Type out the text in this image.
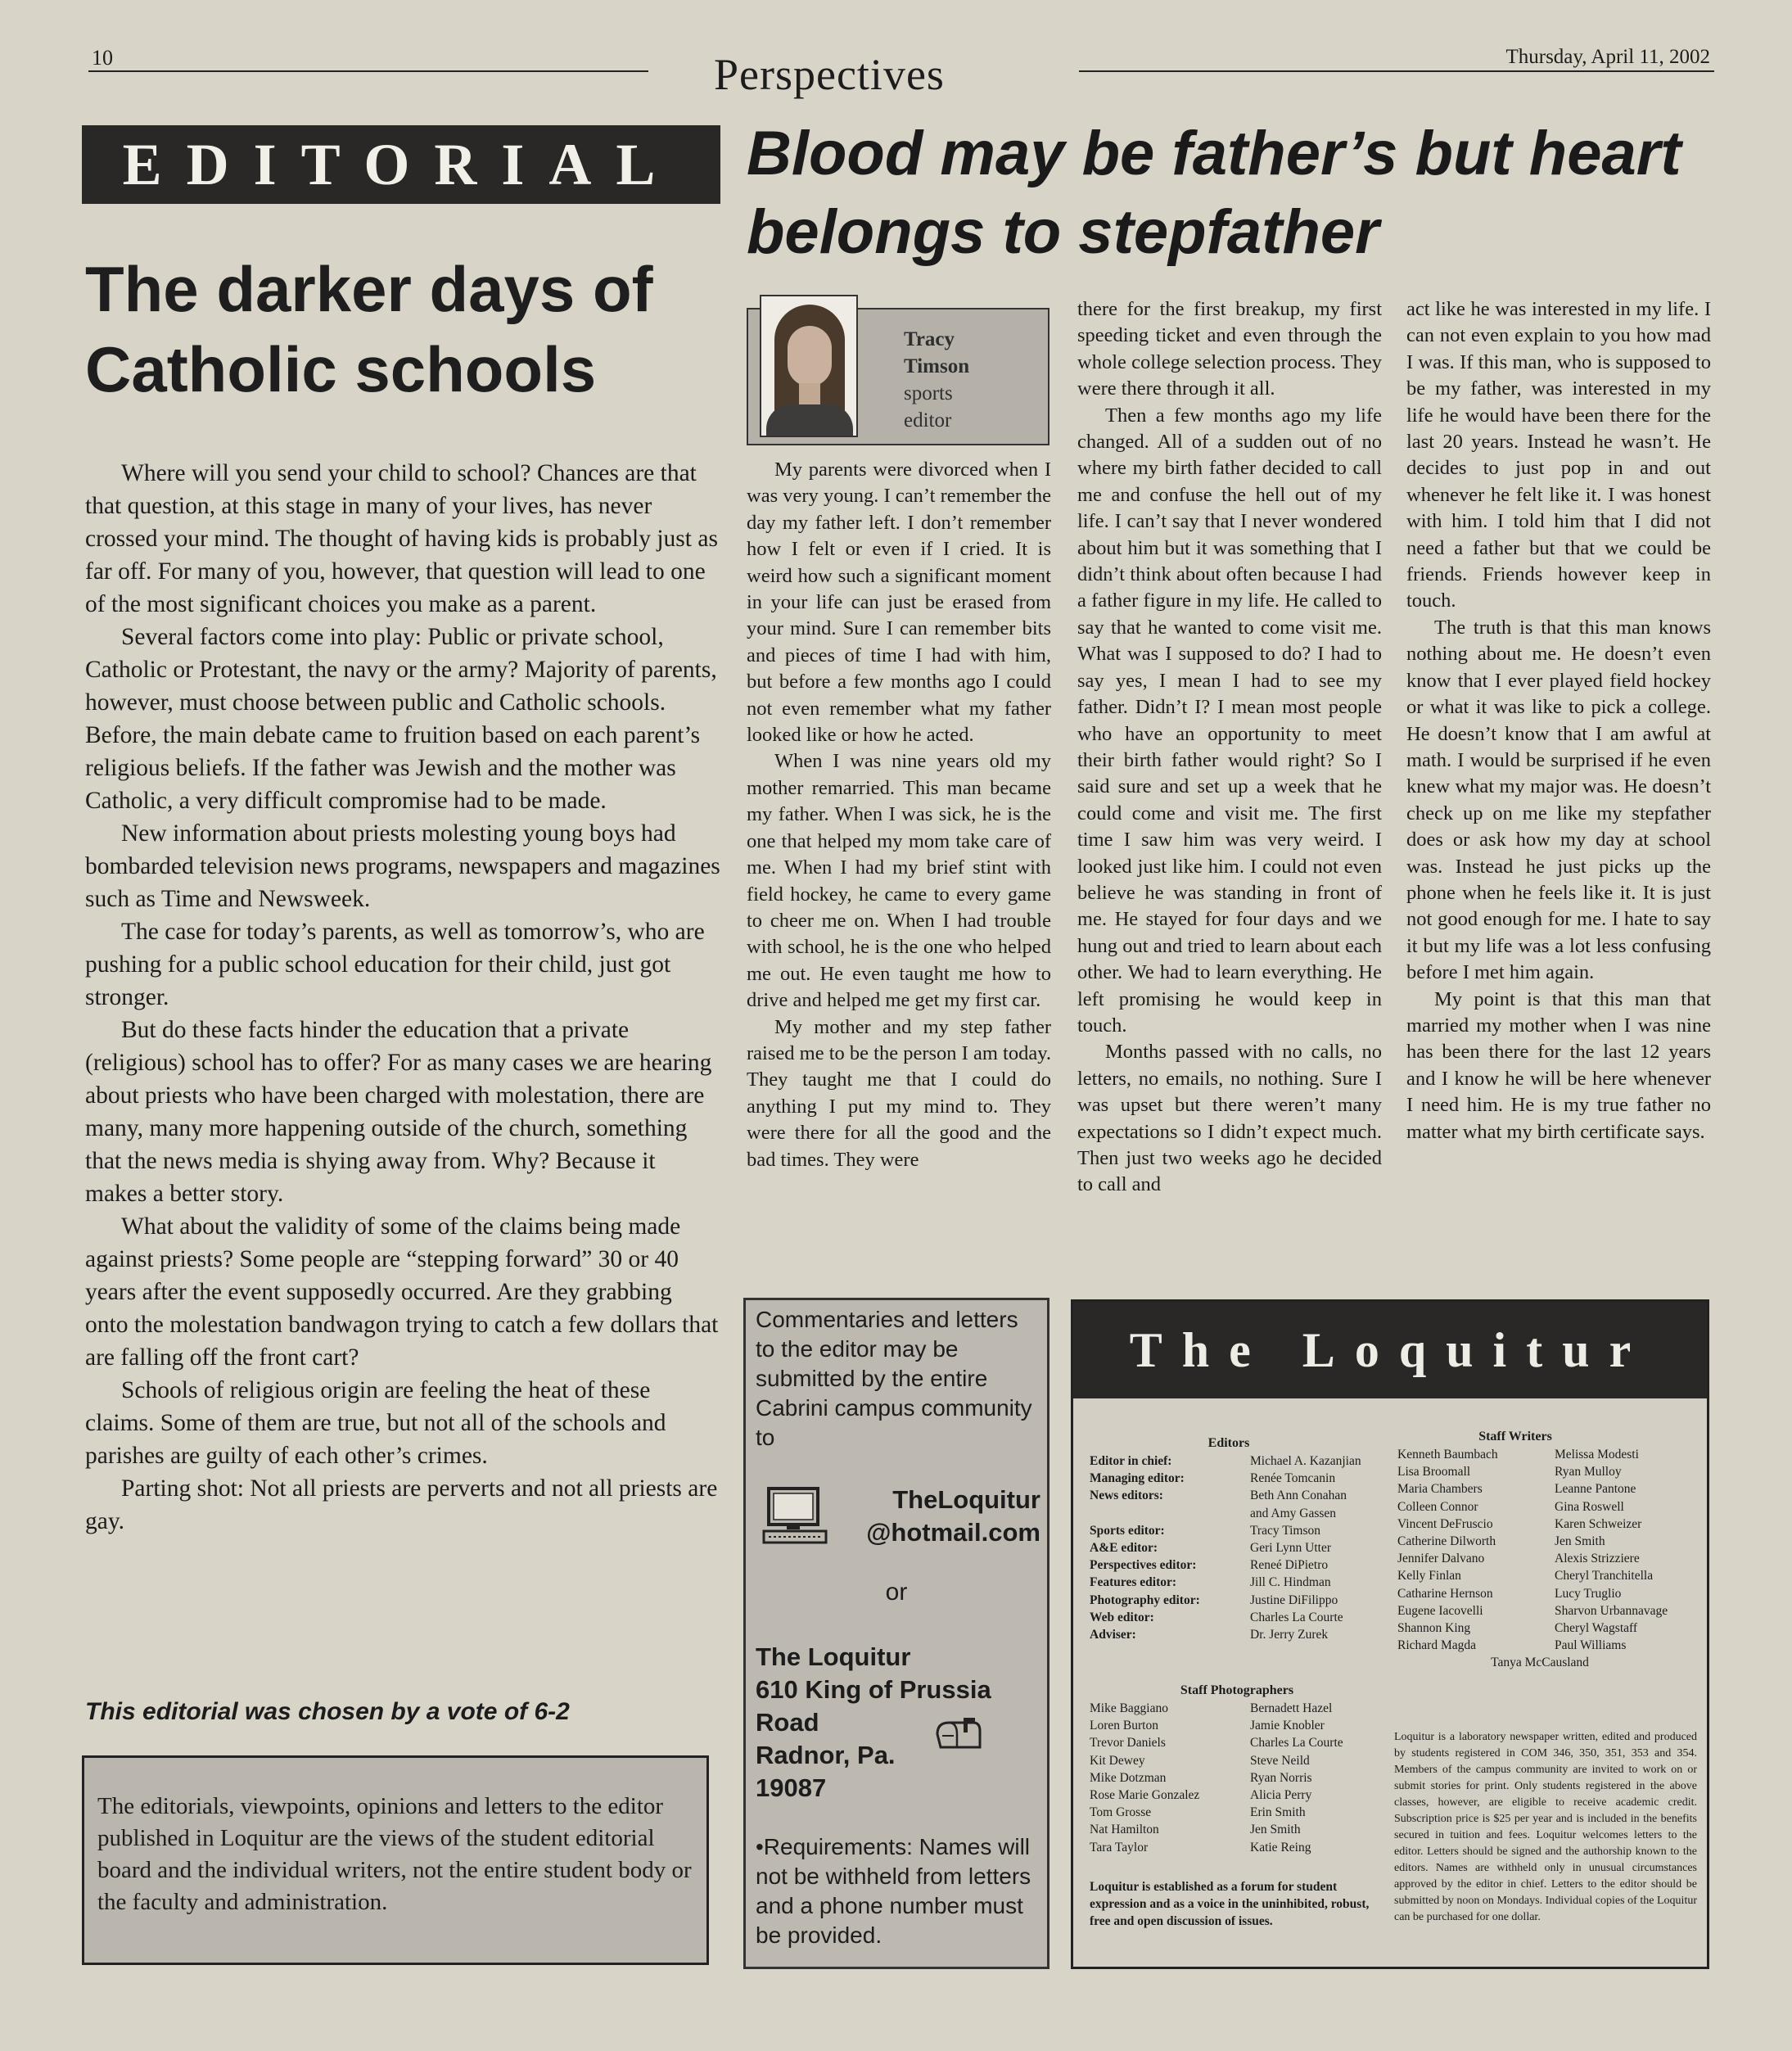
10	Perspectives	Thursday, April 11, 2002
EDITORIAL
The darker days of Catholic schools

Where will you send your child to school? Chances are that that question, at this stage in many of your lives, has never crossed your mind. The thought of having kids is probably just as far off. For many of you, however, that question will lead to one of the most significant choices you make as a parent.

Several factors come into play: Public or private school, Catholic or Protestant, the navy or the army? Majority of parents, however, must choose between public and Catholic schools. Before, the main debate came to fruition based on each parent’s religious beliefs. If the father was Jewish and the mother was Catholic, a very difficult compromise had to be made.

New information about priests molesting young boys had bombarded television news programs, newspapers and magazines such as Time and Newsweek.

The case for today’s parents, as well as tomorrow’s, who are pushing for a public school education for their child, just got stronger.

But do these facts hinder the education that a private (religious) school has to offer? For as many cases we are hearing about priests who have been charged with molestation, there are many, many more happening outside of the church, something that the news media is shying away from. Why? Because it makes a better story.

What about the validity of some of the claims being made against priests? Some people are “stepping forward” 30 or 40 years after the event supposedly occurred. Are they grabbing onto the molestation bandwagon trying to catch a few dollars that are falling off the front cart?

Schools of religious origin are feeling the heat of these claims. Some of them are true, but not all of the schools and parishes are guilty of each other’s crimes.

Parting shot: Not all priests are perverts and not all priests are gay.

This editorial was chosen by a vote of 6-2
The editorials, viewpoints, opinions and letters to the editor published in Loquitur are the views of the student editorial board and the individual writers, not the entire student body or the faculty and administration.
Blood may be father’s but heart belongs to stepfather
Tracy
Timson
sports
editor

My parents were divorced when I was very young. I can’t remember the day my father left. I don’t remember how I felt or even if I cried. It is weird how such a significant moment in your life can just be erased from your mind. Sure I can remember bits and pieces of time I had with him, but before a few months ago I could not even remember what my father looked like or how he acted.

When I was nine years old my mother remarried. This man became my father. When I was sick, he is the one that helped my mom take care of me. When I had my brief stint with field hockey, he came to every game to cheer me on. When I had trouble with school, he is the one who helped me out. He even taught me how to drive and helped me get my first car.

My mother and my step father raised me to be the person I am today. They taught me that I could do anything I put my mind to. They were there for all the good and the bad times. They were

there for the first breakup, my first speeding ticket and even through the whole college selection process. They were there through it all.

Then a few months ago my life changed. All of a sudden out of no where my birth father decided to call me and confuse the hell out of my life. I can’t say that I never wondered about him but it was something that I didn’t think about often because I had a father figure in my life. He called to say that he wanted to come visit me. What was I supposed to do? I had to say yes, I mean I had to see my father. Didn’t I? I mean most people who have an opportunity to meet their birth father would right? So I said sure and set up a week that he could come and visit me. The first time I saw him was very weird. I looked just like him. I could not even believe he was standing in front of me. He stayed for four days and we hung out and tried to learn about each other. We had to learn everything. He left promising he would keep in touch.

Months passed with no calls, no letters, no emails, no nothing. Sure I was upset but there weren’t many expectations so I didn’t expect much. Then just two weeks ago he decided to call and

act like he was interested in my life. I can not even explain to you how mad I was. If this man, who is supposed to be my father, was interested in my life he would have been there for the last 20 years. Instead he wasn’t. He decides to just pop in and out whenever he felt like it. I was honest with him. I told him that I did not need a father but that we could be friends. Friends however keep in touch.

The truth is that this man knows nothing about me. He doesn’t even know that I ever played field hockey or what it was like to pick a college. He doesn’t know that I am awful at math. I would be surprised if he even knew what my major was. He doesn’t check up on me like my stepfather does or ask how my day at school was. Instead he just picks up the phone when he feels like it. It is just not good enough for me. I hate to say it but my life was a lot less confusing before I met him again.

My point is that this man that married my mother when I was nine has been there for the last 12 years and I know he will be here whenever I need him. He is my true father no matter what my birth certificate says.

Commentaries and letters to the editor may be submitted by the entire Cabrini campus community to
TheLoquitur
@hotmail.com
or
The Loquitur
610 King of Prussia
Road
Radnor, Pa.
19087
•Requirements: Names will not be withheld from letters and a phone number must be provided.
The Loquitur
Editors
Editor in chief:
Managing editor:
News editors:

Sports editor:
A&E editor:
Perspectives editor:
Features editor:
Photography editor:
Web editor:
Adviser:
Michael A. Kazanjian
Renée Tomcanin
Beth Ann Conahan
and Amy Gassen
Tracy Timson
Geri Lynn Utter
Reneé DiPietro
Jill C. Hindman
Justine DiFilippo
Charles La Courte
Dr. Jerry Zurek
Staff Writers
Kenneth Baumbach
Lisa Broomall
Maria Chambers
Colleen Connor
Vincent DeFruscio
Catherine Dilworth
Jennifer Dalvano
Kelly Finlan
Catharine Hernson
Eugene Iacovelli
Shannon King
Richard Magda
Melissa Modesti
Ryan Mulloy
Leanne Pantone
Gina Roswell
Karen Schweizer
Jen Smith
Alexis Strizziere
Cheryl Tranchitella
Lucy Truglio
Sharvon Urbannavage
Cheryl Wagstaff
Paul Williams
Tanya McCausland
Staff Photographers
Mike Baggiano
Loren Burton
Trevor Daniels
Kit Dewey
Mike Dotzman
Rose Marie Gonzalez
Tom Grosse
Nat Hamilton
Tara Taylor
Bernadett Hazel
Jamie Knobler
Charles La Courte
Steve Neild
Ryan Norris
Alicia Perry
Erin Smith
Jen Smith
Katie Reing
Loquitur is established as a forum for student expression and as a voice in the uninhibited, robust, free and open discussion of issues.
Loquitur is a laboratory newspaper written, edited and produced by students registered in COM 346, 350, 351, 353 and 354. Members of the campus community are invited to work on or submit stories for print. Only students registered in the above classes, however, are eligible to receive academic credit. Subscription price is $25 per year and is included in the benefits secured in tuition and fees. Loquitur welcomes letters to the editor. Letters should be signed and the authorship known to the editors. Names are withheld only in unusual circumstances approved by the editor in chief. Letters to the editor should be submitted by noon on Mondays. Individual copies of the Loquitur can be purchased for one dollar.
